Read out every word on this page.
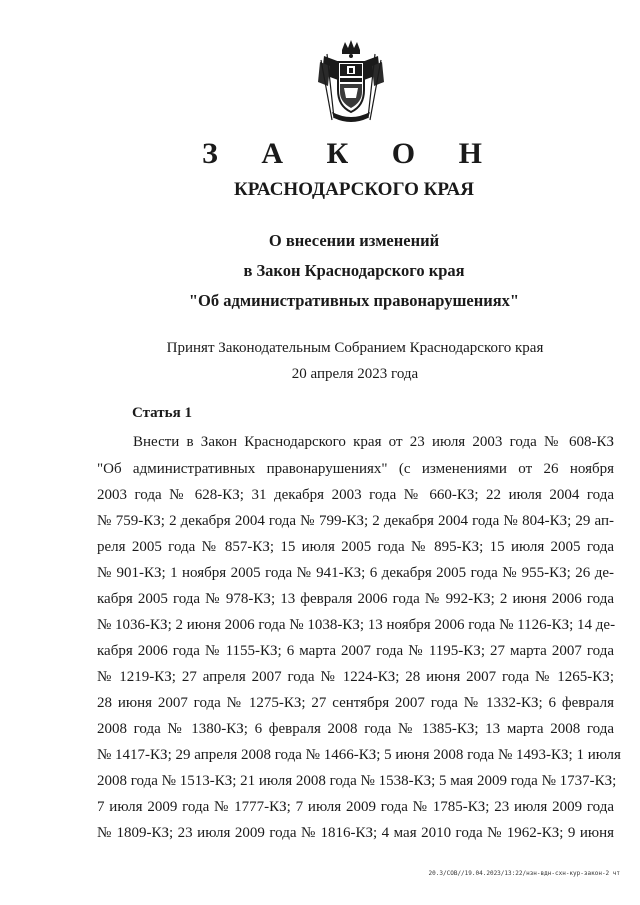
З А К О Н
КРАСНОДАРСКОГО КРАЯ
О внесении изменений
в Закон Краснодарского края
"Об административных правонарушениях"
Принят Законодательным Собранием Краснодарского края
20 апреля 2023 года
Статья 1
Внести в Закон Краснодарского края от 23 июля 2003 года № 608-КЗ
"Об административных правонарушениях" (с изменениями от 26 ноября
2003 года № 628-КЗ; 31 декабря 2003 года № 660-КЗ; 22 июля 2004 года
№ 759-КЗ; 2 декабря 2004 года № 799-КЗ; 2 декабря 2004 года № 804-КЗ; 29 ап-
реля 2005 года № 857-КЗ; 15 июля 2005 года № 895-КЗ; 15 июля 2005 года
№ 901-КЗ; 1 ноября 2005 года № 941-КЗ; 6 декабря 2005 года № 955-КЗ; 26 де-
кабря 2005 года № 978-КЗ; 13 февраля 2006 года № 992-КЗ; 2 июня 2006 года
№ 1036-КЗ; 2 июня 2006 года № 1038-КЗ; 13 ноября 2006 года № 1126-КЗ; 14 де-
кабря 2006 года № 1155-КЗ; 6 марта 2007 года № 1195-КЗ; 27 марта 2007 года
№ 1219-КЗ; 27 апреля 2007 года № 1224-КЗ; 28 июня 2007 года № 1265-КЗ;
28 июня 2007 года № 1275-КЗ; 27 сентября 2007 года № 1332-КЗ; 6 февраля
2008 года № 1380-КЗ; 6 февраля 2008 года № 1385-КЗ; 13 марта 2008 года
№ 1417-КЗ; 29 апреля 2008 года № 1466-КЗ; 5 июня 2008 года № 1493-КЗ; 1 июля
2008 года № 1513-КЗ; 21 июля 2008 года № 1538-КЗ; 5 мая 2009 года № 1737-КЗ;
7 июля 2009 года № 1777-КЗ; 7 июля 2009 года № 1785-КЗ; 23 июля 2009 года
№ 1809-КЗ; 23 июля 2009 года № 1816-КЗ; 4 мая 2010 года № 1962-КЗ; 9 июня
20.3/СОВ//19.04.2023/13:22/нзн-вдн-схн-кур-закон-2 чт
